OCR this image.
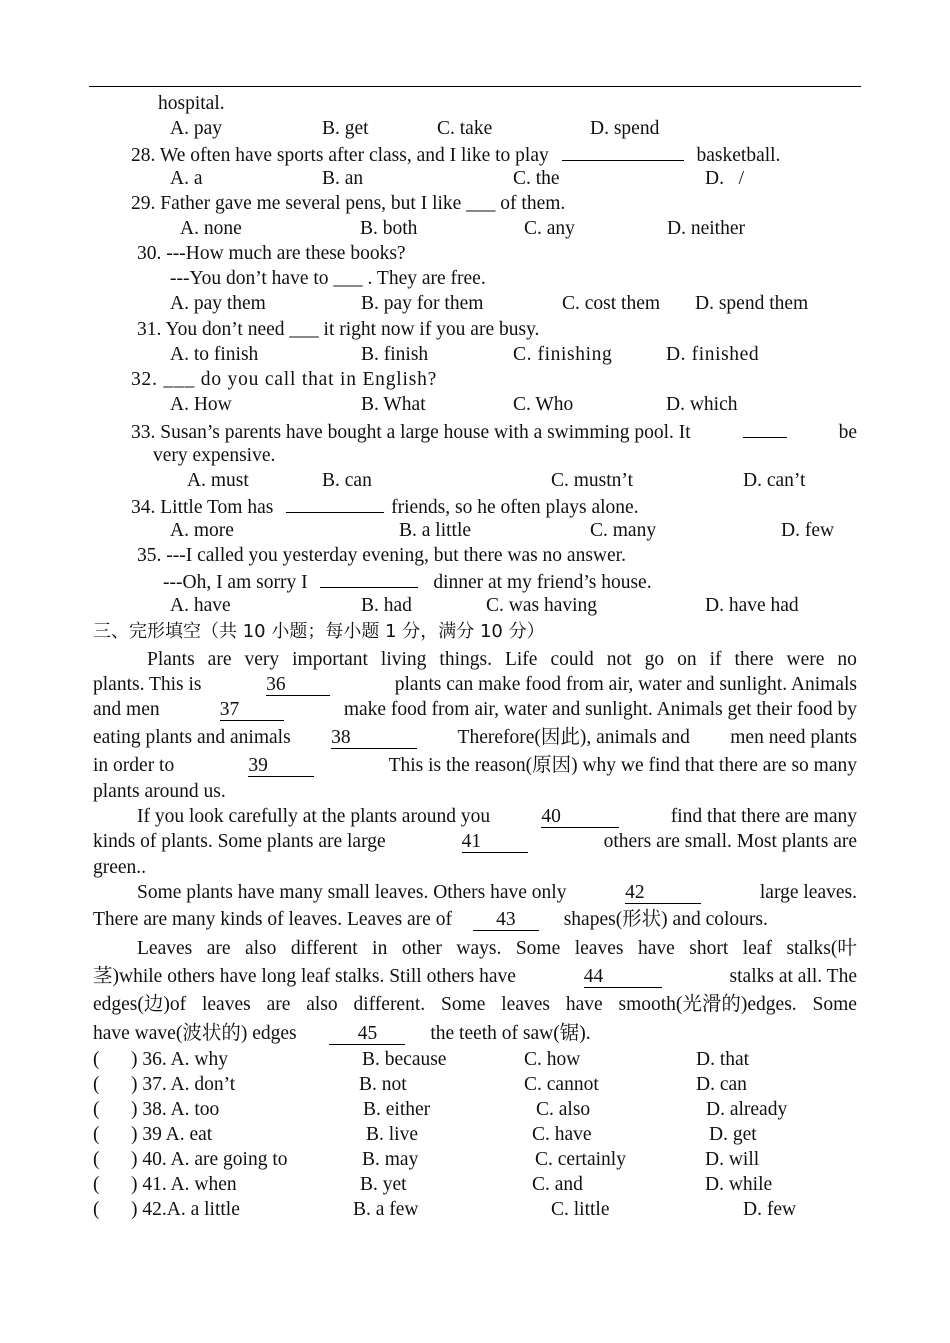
hospital.
A. pay	B. get	C. take	D. spend
28. We often have sports after class, and I like to play	basketball.
A. a	B. an	C. the	D.   /
29. Father gave me several pens, but I like ___ of them.
A. none	B. both	C. any	D. neither
30. ---How much are these books?
---You don’t have to ___ . They are free.
A. pay them	B. pay for them	C. cost them D. spend them
31. You don’t need ___ it right now if you are busy.
A. to finish	B. finish	C. finishing	D. finished
32. ___ do you call that in English?
A. How	B. What	C. Who	D. which
33. Susan’s parents have bought a large house with a swimming pool. It	be
very expensive.
A. must	B. can	C. mustn’t	D. can’t
34. Little Tom has	friends, so he often plays alone.
A. more	B. a little	C. many	D. few
35. ---I called you yesterday evening, but there was no answer.
---Oh, I am sorry I	dinner at my friend’s house.
A. have	B. had	C. was having	D. have had
三、完形填空（共 10 小题；每小题 1 分，满分 10 分）
Plants are very important living things. Life could not go on if there were no
plants. This is	36	plants can make food from air, water and sunlight. Animals
and men	37	make food from air, water and sunlight. Animals get their food by
eating plants and animals 38	Therefore(因此), animals and men need plants
in order to	39	This is the reason(原因) why we find that there are so many
plants around us.
If you look carefully at the plants around you	40	find that there are many
kinds of plants. Some plants are large	41	others are small. Most plants are
green..
Some plants have many small leaves. Others have only	42	large leaves.
There are many kinds of leaves. Leaves are of 43 shapes(形状) and colours.
Leaves are also different in other ways. Some leaves have short leaf stalks(叶
茎)while others have long leaf stalks. Still others have	44	stalks at all. The
edges(边)of leaves are also different. Some leaves have smooth(光滑的)edges. Some
have wave(波状的) edges	45	the teeth of saw(锯).
( ) 36. A. why	B. because	C. how	D. that
( ) 37. A. don’t	B. not	C. cannot	D. can
( ) 38. A. too	B. either	C. also	D. already
( ) 39 A. eat	B. live	C. have	D. get
( ) 40. A. are going to	B. may	C. certainly	D. will
( ) 41. A. when	B. yet	C. and	D. while
( ) 42.A. a little	B. a few	C. little	D. few
